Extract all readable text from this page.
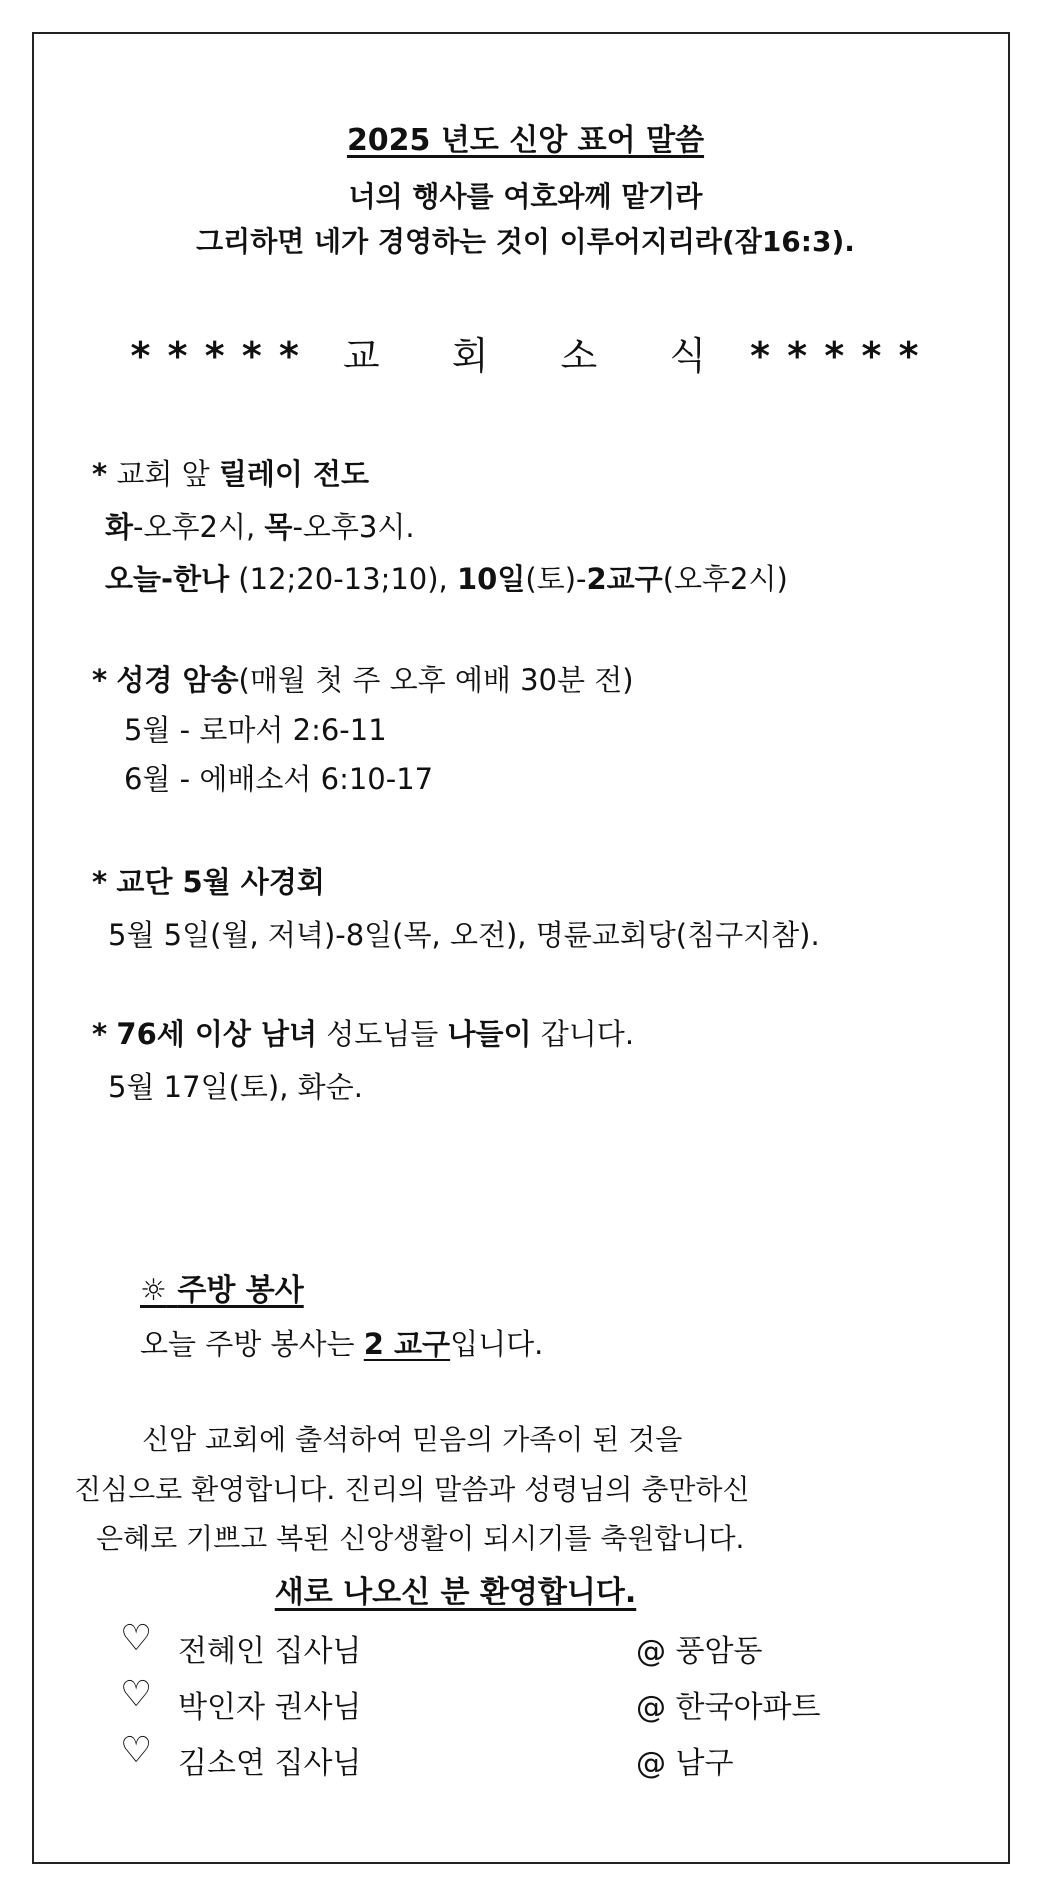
2025 년도 신앙 표어 말씀
너의 행사를 여호와께 맡기라
그리하면 네가 경영하는 것이 이루어지리라(잠16:3).
* * * * * 교 회 소 식 * * * * *
* 교회 앞 릴레이 전도
화-오후2시, 목-오후3시.
오늘-한나 (12;20-13;10), 10일(토)-2교구(오후2시)
* 성경 암송(매월 첫 주 오후 예배 30분 전)
5월 - 로마서 2:6-11
6월 - 에배소서 6:10-17
* 교단 5월 사경회
5월 5일(월, 저녁)-8일(목, 오전), 명륜교회당(침구지참).
* 76세 이상 남녀 성도님들 나들이 갑니다.
5월 17일(토), 화순.
☼ 주방 봉사
오늘 주방 봉사는 2 교구입니다.
신암 교회에 출석하여 믿음의 가족이 된 것을
진심으로 환영합니다. 진리의 말씀과 성령님의 충만하신
은혜로 기쁘고 복된 신앙생활이 되시기를 축원합니다.
새로 나오신 분 환영합니다.
♡ 전혜인 집사님	@ 풍암동
♡ 박인자 권사님	@ 한국아파트
♡ 김소연 집사님	@ 남구
